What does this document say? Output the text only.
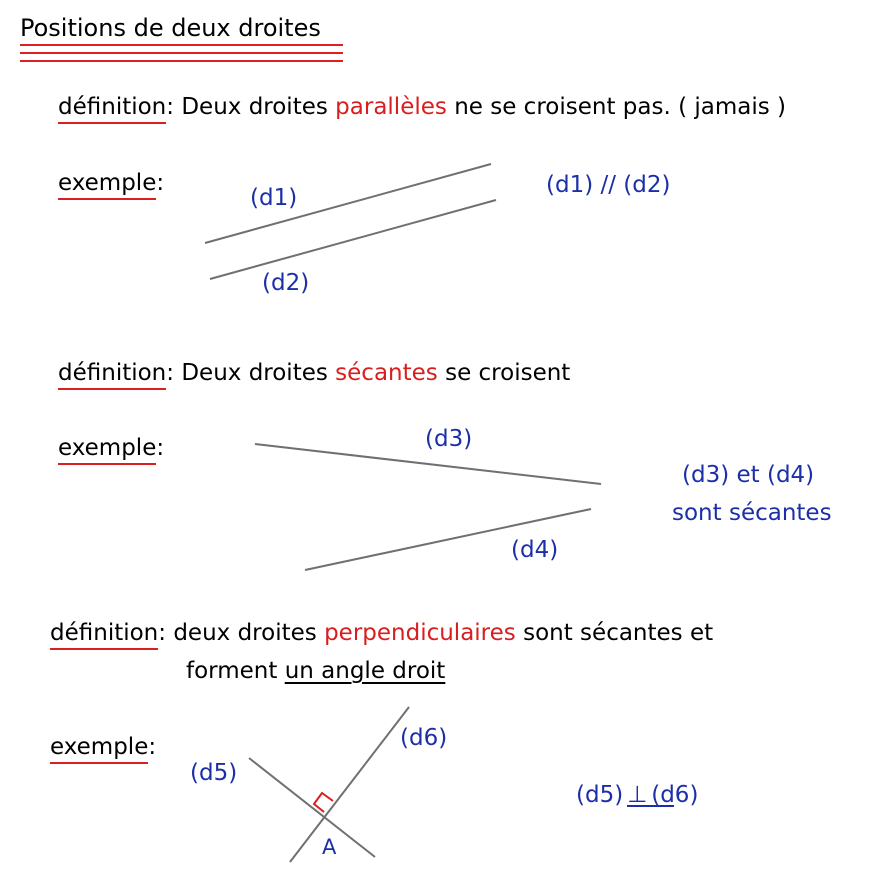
Positions de deux droites
définition: Deux droites parallèles ne se croisent pas. ( jamais )
exemple:
(d1)
(d2)
(d1) // (d2)
définition: Deux droites sécantes se croisent
exemple:	(d3)
(d4)
(d3) et (d4)
sont sécantes
définition: deux droites perpendiculaires sont sécantes et
forment un angle droit
exemple:
(d5)
(d6)
A
(d5) ⊥ (d6)
